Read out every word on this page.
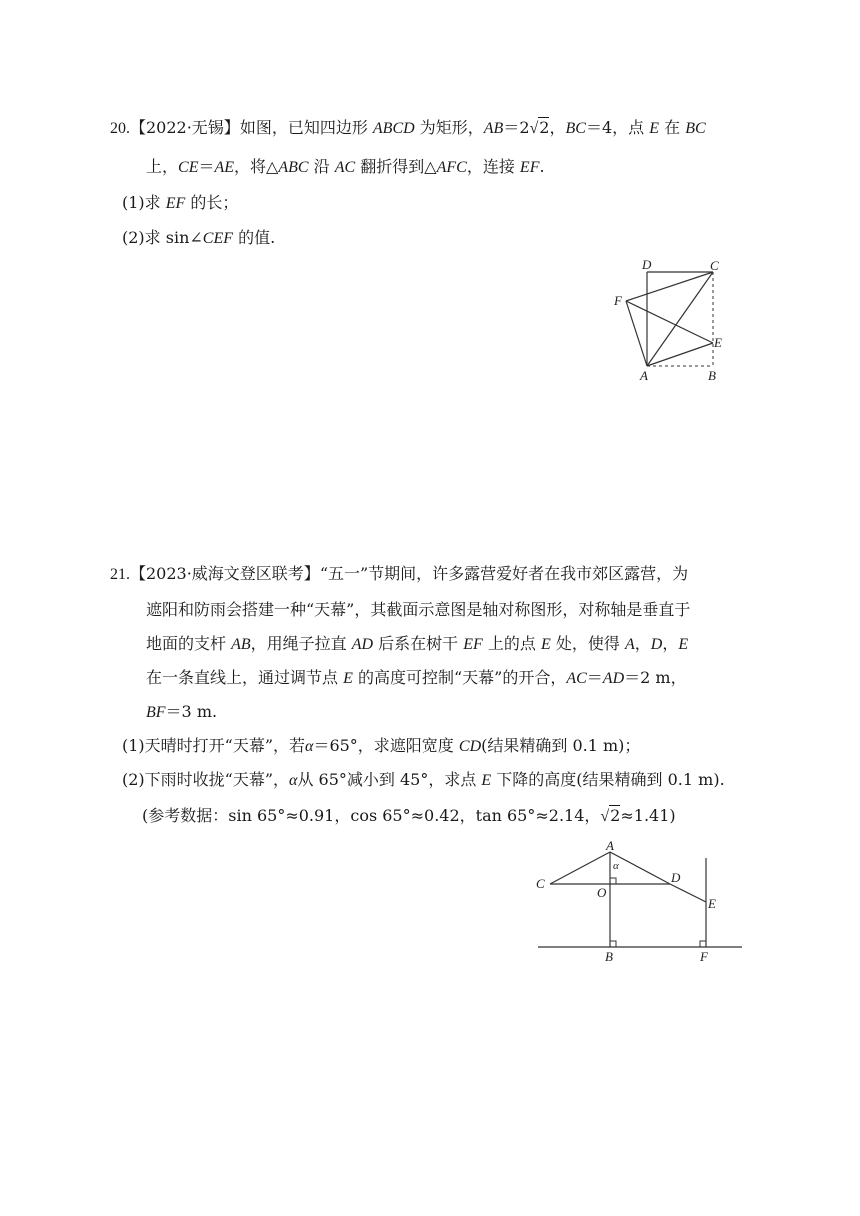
20.【2022·无锡】如图，已知四边形 ABCD 为矩形，AB＝2√2，BC＝4，点 E 在 BC
上，CE＝AE，将△ABC 沿 AC 翻折得到△AFC，连接 EF.
(1)求 EF 的长；
(2)求 sin∠CEF 的值.
D	C
F
E
A	B
21.【2023·威海文登区联考】“五一”节期间，许多露营爱好者在我市郊区露营，为
遮阳和防雨会搭建一种“天幕”，其截面示意图是轴对称图形，对称轴是垂直于
地面的支杆 AB，用绳子拉直 AD 后系在树干 EF 上的点 E 处，使得 A，D，E
在一条直线上，通过调节点 E 的高度可控制“天幕”的开合，AC＝AD＝2 m，
BF＝3 m.
(1)天晴时打开“天幕”，若α＝65°，求遮阳宽度 CD(结果精确到 0.1 m)；
(2)下雨时收拢“天幕”，α从 65°减小到 45°，求点 E 下降的高度(结果精确到 0.1 m).
(参考数据：sin 65°≈0.91，cos 65°≈0.42，tan 65°≈2.14，√2≈1.41)
A
α
C
O
D
E
B	F
